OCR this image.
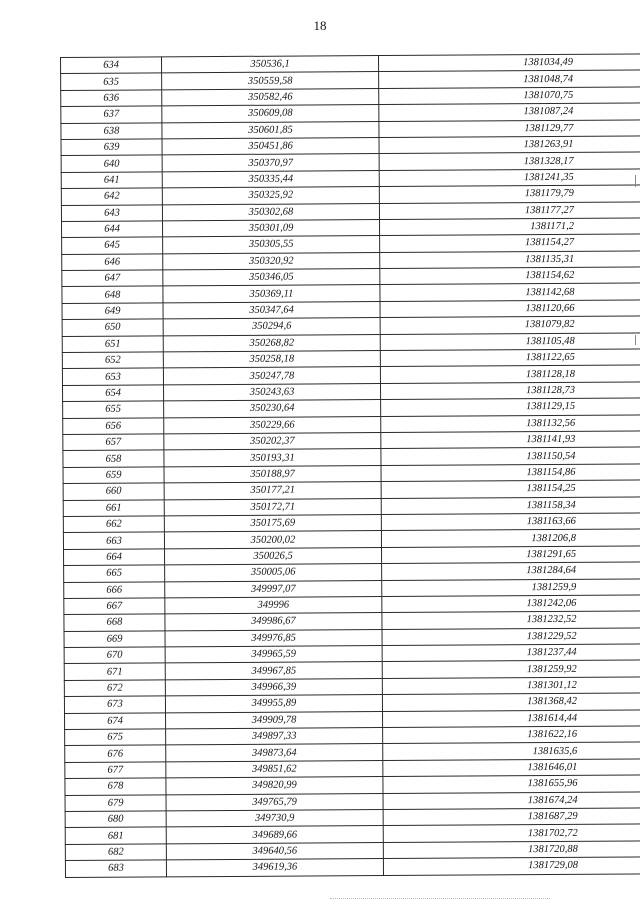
18
634	350536,1	1381034,49
635	350559,58	1381048,74
636	350582,46	1381070,75
637	350609,08	1381087,24
638	350601,85	1381129,77
639	350451,86	1381263,91
640	350370,97	1381328,17
641	350335,44	1381241,35
642	350325,92	1381179,79
643	350302,68	1381177,27
644	350301,09	1381171,2
645	350305,55	1381154,27
646	350320,92	1381135,31
647	350346,05	1381154,62
648	350369,11	1381142,68
649	350347,64	1381120,66
650	350294,6	1381079,82
651	350268,82	1381105,48
652	350258,18	1381122,65
653	350247,78	1381128,18
654	350243,63	1381128,73
655	350230,64	1381129,15
656	350229,66	1381132,56
657	350202,37	1381141,93
658	350193,31	1381150,54
659	350188,97	1381154,86
660	350177,21	1381154,25
661	350172,71	1381158,34
662	350175,69	1381163,66
663	350200,02	1381206,8
664	350026,5	1381291,65
665	350005,06	1381284,64
666	349997,07	1381259,9
667	349996	1381242,06
668	349986,67	1381232,52
669	349976,85	1381229,52
670	349965,59	1381237,44
671	349967,85	1381259,92
672	349966,39	1381301,12
673	349955,89	1381368,42
674	349909,78	1381614,44
675	349897,33	1381622,16
676	349873,64	1381635,6
677	349851,62	1381646,01
678	349820,99	1381655,96
679	349765,79	1381674,24
680	349730,9	1381687,29
681	349689,66	1381702,72
682	349640,56	1381720,88
683	349619,36	1381729,08
